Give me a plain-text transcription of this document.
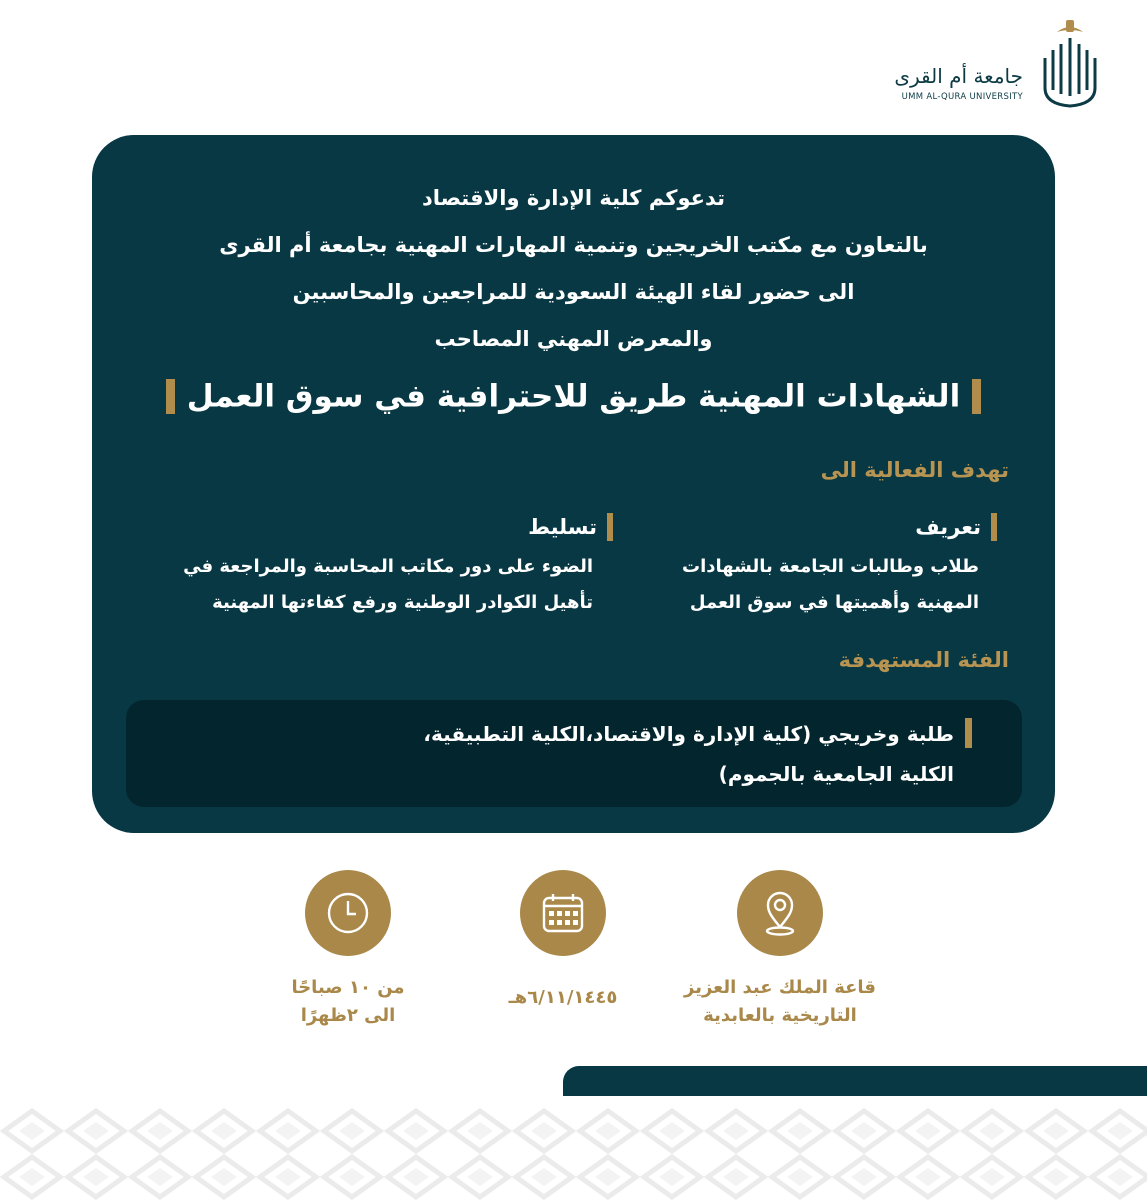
جامعة أم القرى
UMM AL-QURA UNIVERSITY
تدعوكم كلية الإدارة والاقتصاد
بالتعاون مع مكتب الخريجين وتنمية المهارات المهنية بجامعة أم القرى
الى حضور لقاء الهيئة السعودية للمراجعين والمحاسبين
والمعرض المهني المصاحب
الشهادات المهنية طريق للاحترافية في سوق العمل
تهدف الفعالية الى
تعريف
طلاب وطالبات الجامعة بالشهادات
المهنية وأهميتها في سوق العمل
تسليط
الضوء على دور مكاتب المحاسبة والمراجعة في
تأهيل الكوادر الوطنية ورفع كفاءتها المهنية
الفئة المستهدفة
طلبة وخريجي (كلية الإدارة والاقتصاد،الكلية التطبيقية،
الكلية الجامعية بالجموم)
قاعة الملك عبد العزيز
التاريخية بالعابدية
٦/١١/١٤٤٥هـ
من ١٠ صباحًا
الى ٢ظهرًا
